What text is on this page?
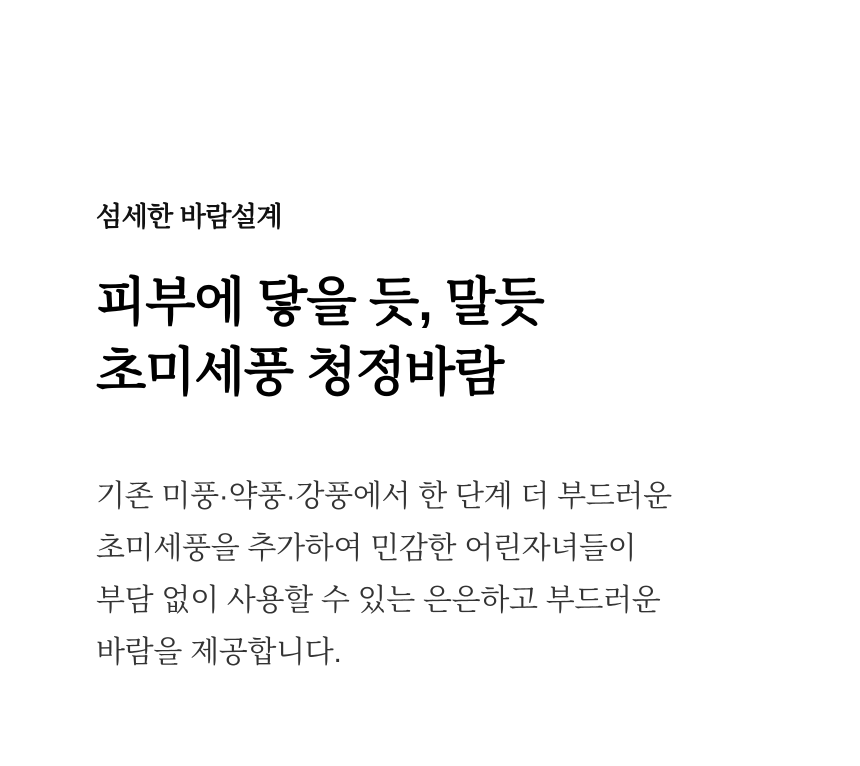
섬세한 바람설계
피부에 닿을 듯, 말듯
초미세풍 청정바람

기존 미풍·약풍·강풍에서 한 단계 더 부드러운
초미세풍을 추가하여 민감한 어린자녀들이
부담 없이 사용할 수 있는 은은하고 부드러운
바람을 제공합니다.
